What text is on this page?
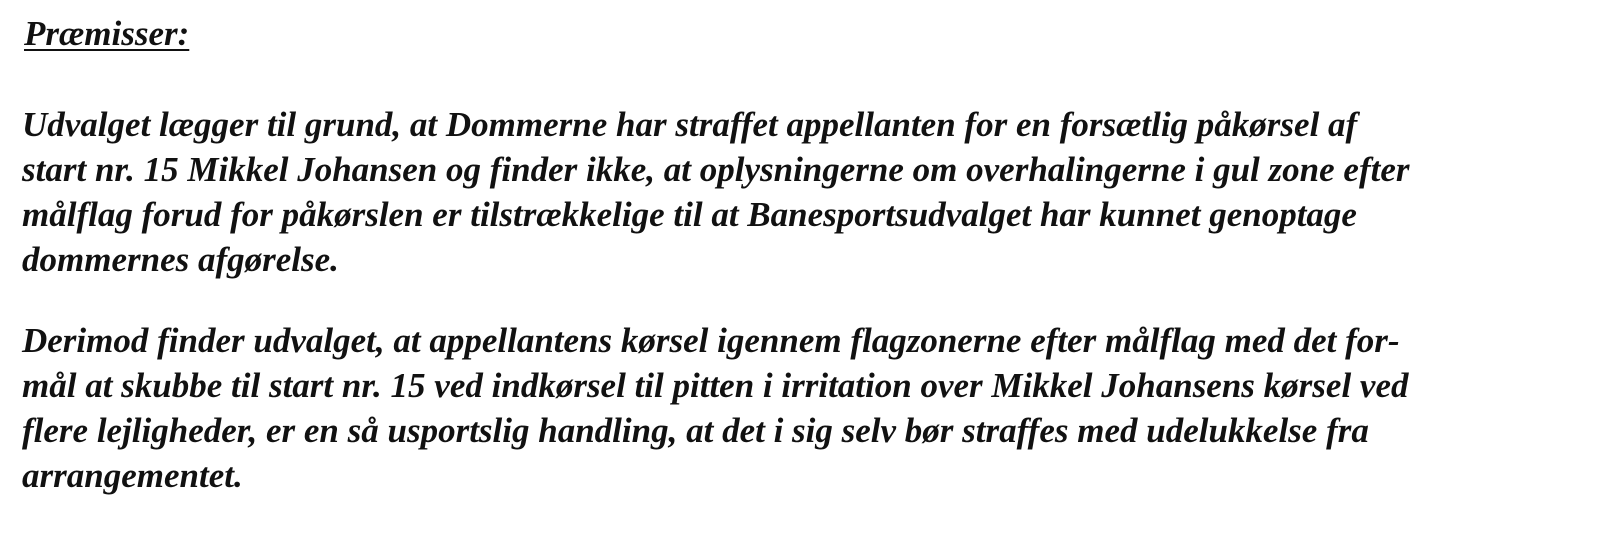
Præmisser:
Udvalget lægger til grund, at Dommerne har straffet appellanten for en forsætlig påkørsel af
start nr. 15 Mikkel Johansen og finder ikke, at oplysningerne om overhalingerne i gul zone efter
målflag forud for påkørslen er tilstrækkelige til at Banesportsudvalget har kunnet genoptage
dommernes afgørelse.
Derimod finder udvalget, at appellantens kørsel igennem flagzonerne efter målflag med det for-
mål at skubbe til start nr. 15 ved indkørsel til pitten i irritation over Mikkel Johansens kørsel ved
flere lejligheder, er en så usportslig handling, at det i sig selv bør straffes med udelukkelse fra
arrangementet.
